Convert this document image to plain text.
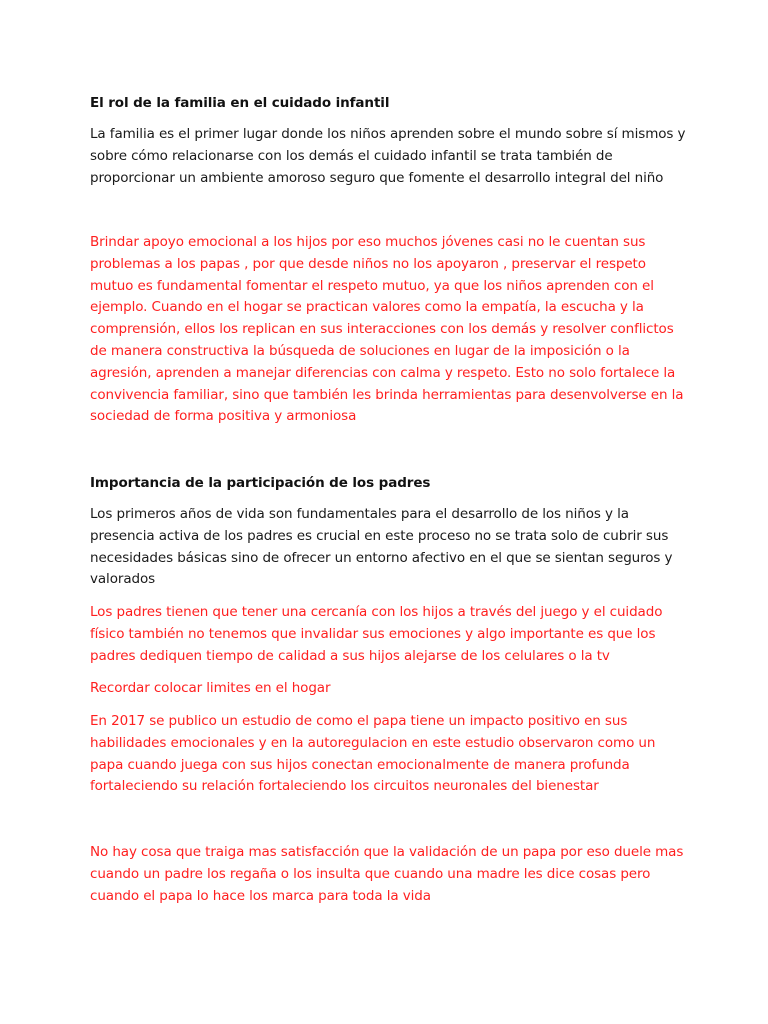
El rol de la familia en el cuidado infantil

La familia es el primer lugar donde los niños aprenden sobre el mundo sobre sí mismos y sobre cómo relacionarse con los demás el cuidado infantil se trata también de proporcionar un ambiente amoroso seguro que fomente el desarrollo integral del niño

Brindar apoyo emocional a los hijos por eso muchos jóvenes casi no le cuentan sus problemas a los papas , por que desde niños no los apoyaron , preservar el respeto mutuo es fundamental fomentar el respeto mutuo, ya que los niños aprenden con el ejemplo. Cuando en el hogar se practican valores como la empatía, la escucha y la comprensión, ellos los replican en sus interacciones con los demás y resolver conflictos de manera constructiva la búsqueda de soluciones en lugar de la imposición o la agresión, aprenden a manejar diferencias con calma y respeto. Esto no solo fortalece la convivencia familiar, sino que también les brinda herramientas para desenvolverse en la sociedad de forma positiva y armoniosa

Importancia de la participación de los padres

Los primeros años de vida son fundamentales para el desarrollo de los niños y la presencia activa de los padres es crucial en este proceso no se trata solo de cubrir sus necesidades básicas sino de ofrecer un entorno afectivo en el que se sientan seguros y valorados

Los padres tienen que tener una cercanía con los hijos a través del juego y el cuidado físico también no tenemos que invalidar sus emociones y algo importante es que los padres dediquen tiempo de calidad a sus hijos alejarse de los celulares o la tv

Recordar colocar limites en el hogar

En 2017 se publico un estudio de como el papa tiene un impacto positivo en sus habilidades emocionales y en la autoregulacion en este estudio observaron como un papa cuando juega con sus hijos conectan emocionalmente de manera profunda fortaleciendo su relación fortaleciendo los circuitos neuronales del bienestar

No hay cosa que traiga mas satisfacción que la validación de un papa por eso duele mas cuando un padre los regaña o los insulta que cuando una madre les dice cosas pero cuando el papa lo hace los marca para toda la vida
